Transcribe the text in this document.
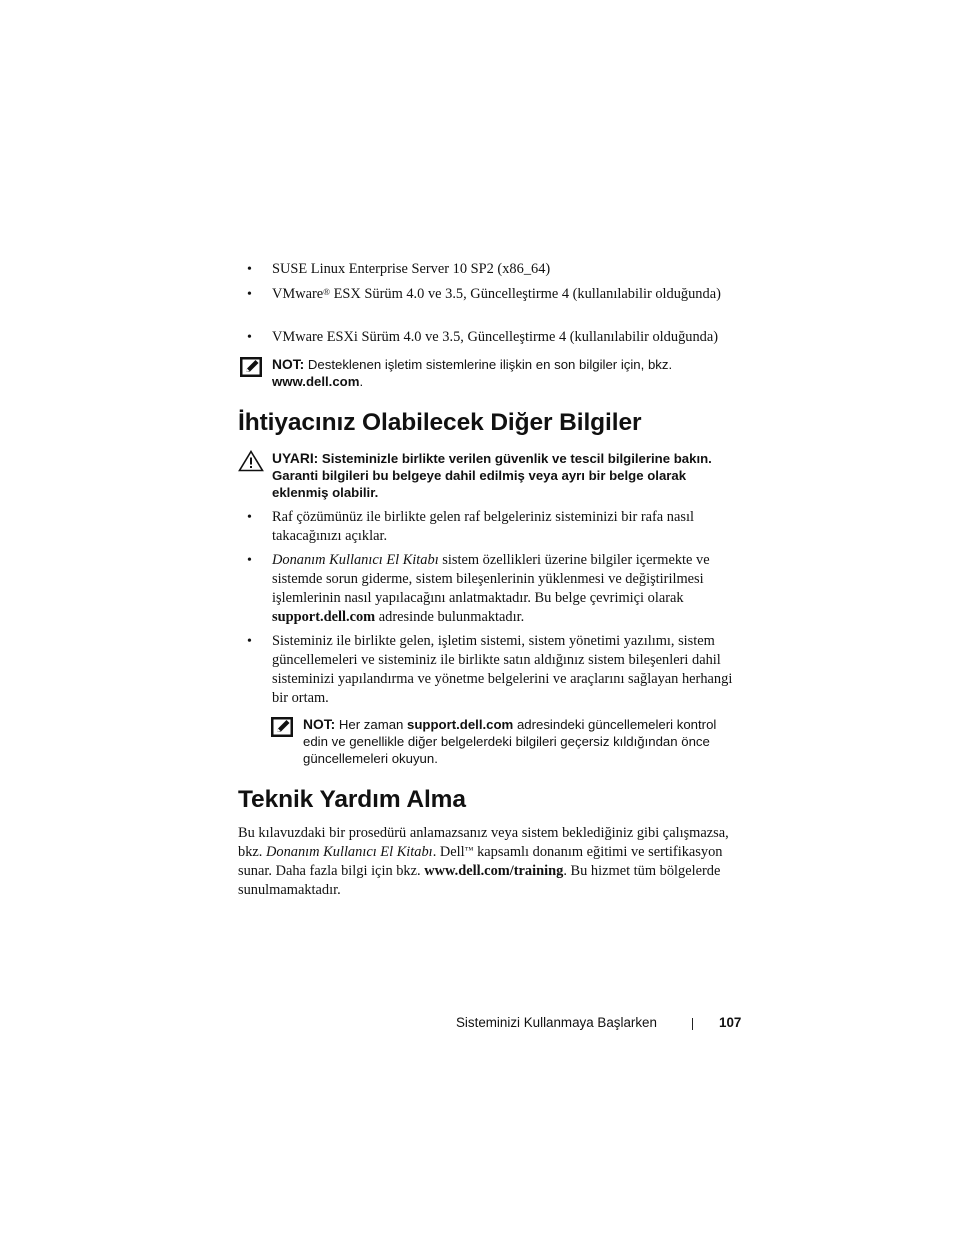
•
SUSE Linux Enterprise Server 10 SP2 (x86_64)
•
VMware® ESX Sürüm 4.0 ve 3.5, Güncelleştirme 4 (kullanılabilir olduğunda)
•
VMware ESXi Sürüm 4.0 ve 3.5, Güncelleştirme 4 (kullanılabilir olduğunda)
NOT: Desteklenen işletim sistemlerine ilişkin en son bilgiler için, bkz. www.dell.com.
İhtiyacınız Olabilecek Diğer Bilgiler
UYARI: Sisteminizle birlikte verilen güvenlik ve tescil bilgilerine bakın. Garanti bilgileri bu belgeye dahil edilmiş veya ayrı bir belge olarak eklenmiş olabilir.
•
Raf çözümünüz ile birlikte gelen raf belgeleriniz sisteminizi bir rafa nasıl takacağınızı açıklar.
•
Donanım Kullanıcı El Kitabı sistem özellikleri üzerine bilgiler içermekte ve sistemde sorun giderme, sistem bileşenlerinin yüklenmesi ve değiştirilmesi işlemlerinin nasıl yapılacağını anlatmaktadır. Bu belge çevrimiçi olarak support.dell.com adresinde bulunmaktadır.
•
Sisteminiz ile birlikte gelen, işletim sistemi, sistem yönetimi yazılımı, sistem güncellemeleri ve sisteminiz ile birlikte satın aldığınız sistem bileşenleri dahil sisteminizi yapılandırma ve yönetme belgelerini ve araçlarını sağlayan herhangi bir ortam.
NOT: Her zaman support.dell.com adresindeki güncellemeleri kontrol edin ve genellikle diğer belgelerdeki bilgileri geçersiz kıldığından önce güncellemeleri okuyun.
Teknik Yardım Alma
Bu kılavuzdaki bir prosedürü anlamazsanız veya sistem beklediğiniz gibi çalışmazsa, bkz. Donanım Kullanıcı El Kitabı. Dell™ kapsamlı donanım eğitimi ve sertifikasyon sunar. Daha fazla bilgi için bkz. www.dell.com/training. Bu hizmet tüm bölgelerde sunulmamaktadır.
Sisteminizi Kullanmaya Başlarken	107
